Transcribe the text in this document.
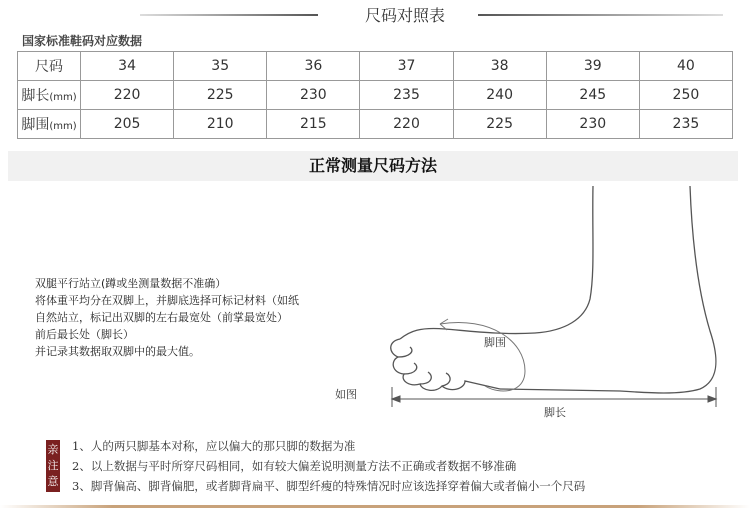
尺码对照表
国家标准鞋码对应数据
尺码	34	35	36	37	38	39	40
脚长(mm)	220	225	230	235	240	245	250
脚围(mm)	205	210	215	220	225	230	235
正常测量尺码方法
双腿平行站立(蹲或坐测量数据不准确）
将体重平均分在双脚上，并脚底选择可标记材料（如纸
自然站立，标记出双脚的左右最宽处（前掌最宽处）
前后最长处（脚长）
并记录其数据取双脚中的最大值。
如图
脚围
脚长
亲
注
意
1、人的两只脚基本对称，应以偏大的那只脚的数据为准
2、以上数据与平时所穿尺码相同，如有较大偏差说明测量方法不正确或者数据不够准确
3、脚背偏高、脚背偏肥，或者脚背扁平、脚型纤瘦的特殊情况时应该选择穿着偏大或者偏小一个尺码
